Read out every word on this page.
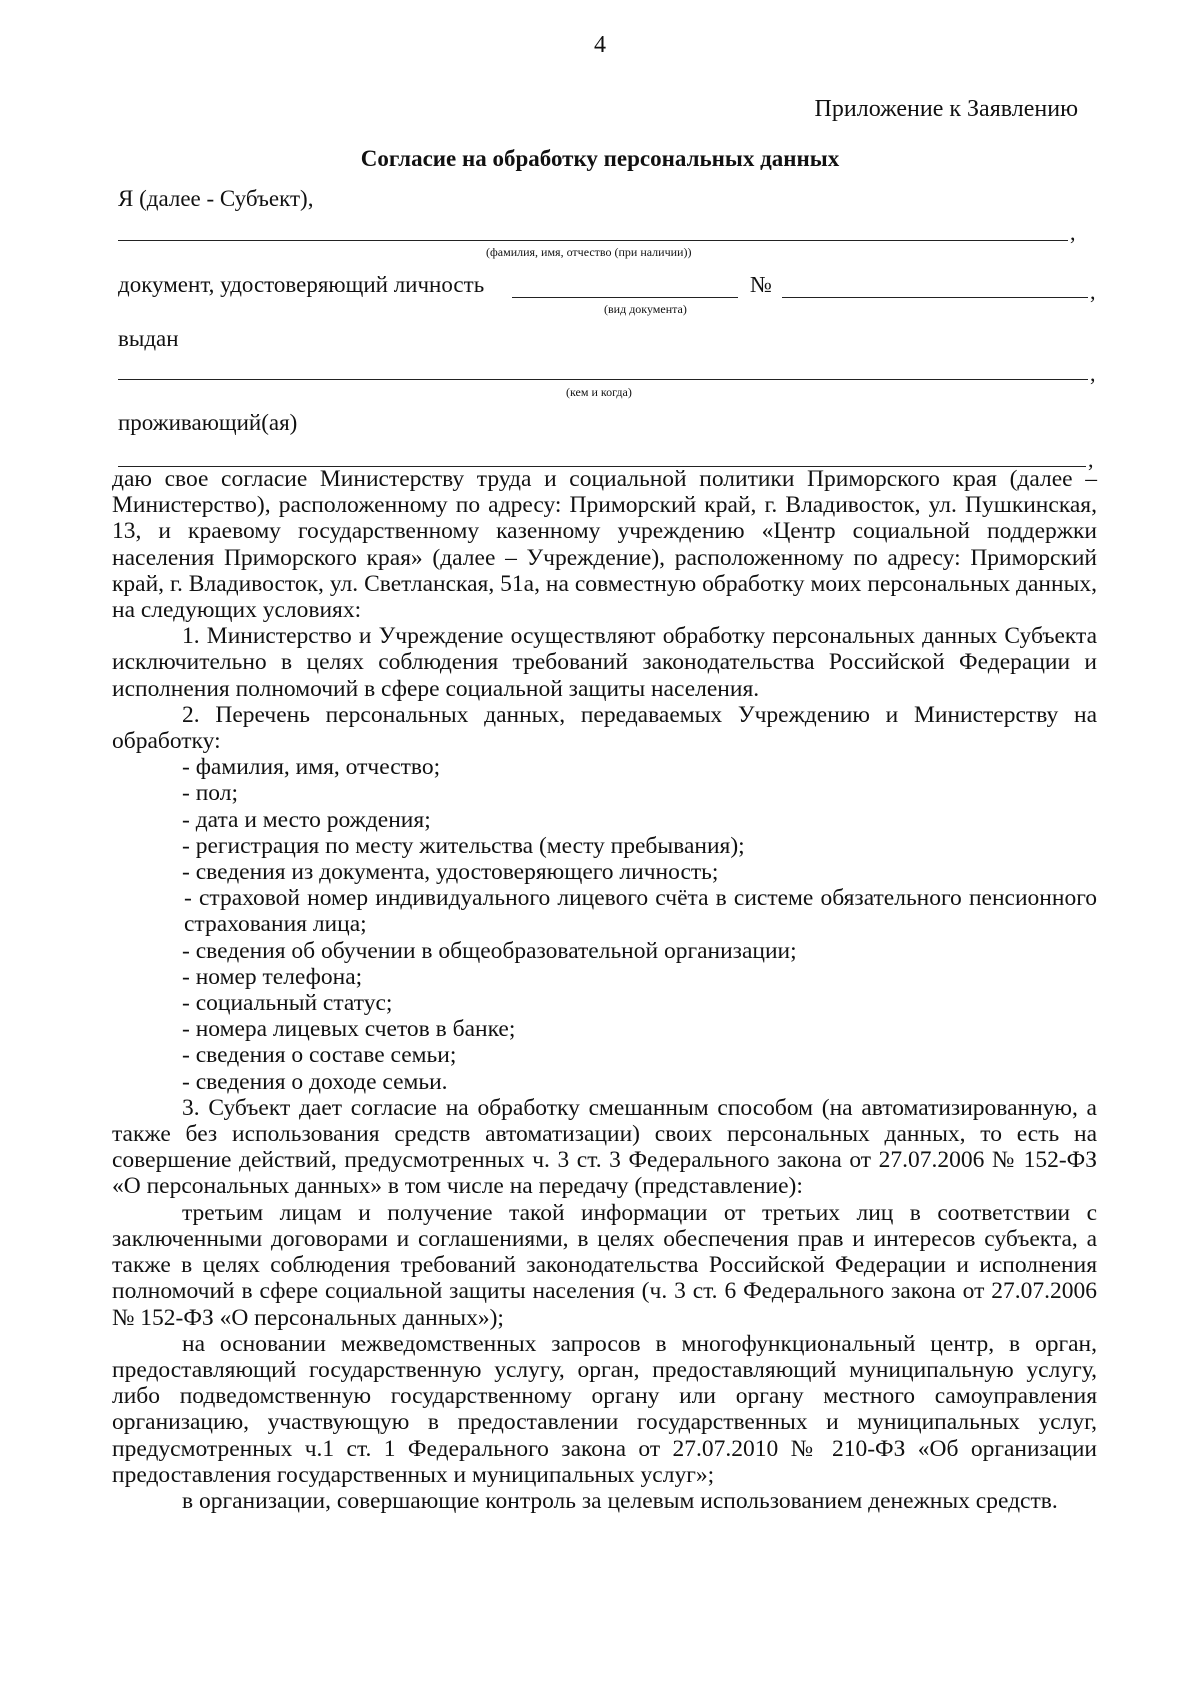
4
Приложение к Заявлению
Согласие на обработку персональных данных
Я (далее - Субъект),
,
(фамилия, имя, отчество (при наличии))
документ, удостоверяющий личность
(вид документа)
№	,
выдан
,
(кем и когда)
проживающий(ая)
,

даю свое согласие Министерству труда и социальной политики Приморского края (далее – Министерство), расположенному по адресу: Приморский край, г. Владивосток, ул. Пушкинская, 13, и краевому государственному казенному учреждению «Центр социальной поддержки населения Приморского края» (далее – Учреждение), расположенному по адресу: Приморский край, г. Владивосток, ул. Светланская, 51а, на совместную обработку моих персональных данных, на следующих условиях:

1. Министерство и Учреждение осуществляют обработку персональных данных Субъекта исключительно в целях соблюдения требований законодательства Российской Федерации и исполнения полномочий в сфере социальной защиты населения.

2. Перечень персональных данных, передаваемых Учреждению и Министерству на обработку:

- фамилия, имя, отчество;

- пол;

- дата и место рождения;

- регистрация по месту жительства (месту пребывания);

- сведения из документа, удостоверяющего личность;

- страховой номер индивидуального лицевого счёта в системе обязательного пенсионного страхования лица;

- сведения об обучении в общеобразовательной организации;

- номер телефона;

- социальный статус;

- номера лицевых счетов в банке;

- сведения о составе семьи;

- сведения о доходе семьи.

3. Субъект дает согласие на обработку смешанным способом (на автоматизированную, а также без использования средств автоматизации) своих персональных данных, то есть на совершение действий, предусмотренных ч. 3 ст. 3 Федерального закона от 27.07.2006 № 152-ФЗ «О персональных данных» в том числе на передачу (представление):

третьим лицам и получение такой информации от третьих лиц в соответствии с заключенными договорами и соглашениями, в целях обеспечения прав и интересов субъекта, а также в целях соблюдения требований законодательства Российской Федерации и исполнения полномочий в сфере социальной защиты населения (ч. 3 ст. 6 Федерального закона от 27.07.2006 № 152-ФЗ «О персональных данных»);

на основании межведомственных запросов в многофункциональный центр, в орган, предоставляющий государственную услугу, орган, предоставляющий муниципальную услугу, либо подведомственную государственному органу или органу местного самоуправления организацию, участвующую в предоставлении государственных и муниципальных услуг, предусмотренных ч.1 ст. 1 Федерального закона от 27.07.2010 № 210-ФЗ «Об организации предоставления государственных и муниципальных услуг»;

в организации, совершающие контроль за целевым использованием денежных средств.
